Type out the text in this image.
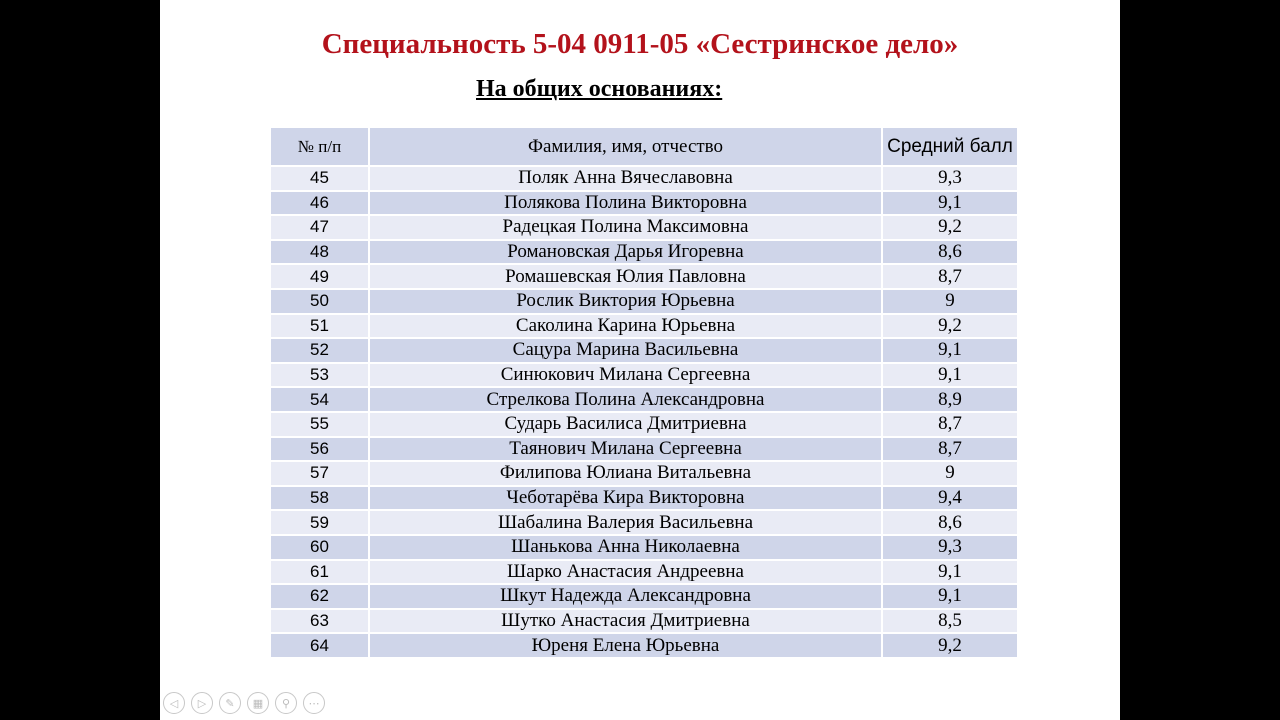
Специальность 5-04 0911-05 «Сестринское дело»
На общих основаниях:
№ п/п	Фамилия, имя, отчество	Средний балл
45	Поляк Анна Вячеславовна	9,3
46	Полякова Полина Викторовна	9,1
47	Радецкая Полина Максимовна	9,2
48	Романовская Дарья Игоревна	8,6
49	Ромашевская Юлия Павловна	8,7
50	Рослик Виктория Юрьевна	9
51	Саколина Карина Юрьевна	9,2
52	Сацура Марина Васильевна	9,1
53	Синюкович Милана Сергеевна	9,1
54	Стрелкова Полина Александровна	8,9
55	Сударь Василиса Дмитриевна	8,7
56	Таянович Милана Сергеевна	8,7
57	Филипова Юлиана Витальевна	9
58	Чеботарёва Кира Викторовна	9,4
59	Шабалина Валерия Васильевна	8,6
60	Шанькова Анна Николаевна	9,3
61	Шарко Анастасия Андреевна	9,1
62	Шкут Надежда Александровна	9,1
63	Шутко Анастасия Дмитриевна	8,5
64	Юреня Елена Юрьевна	9,2
◁	▷	✎	▦	⚲	⋯
